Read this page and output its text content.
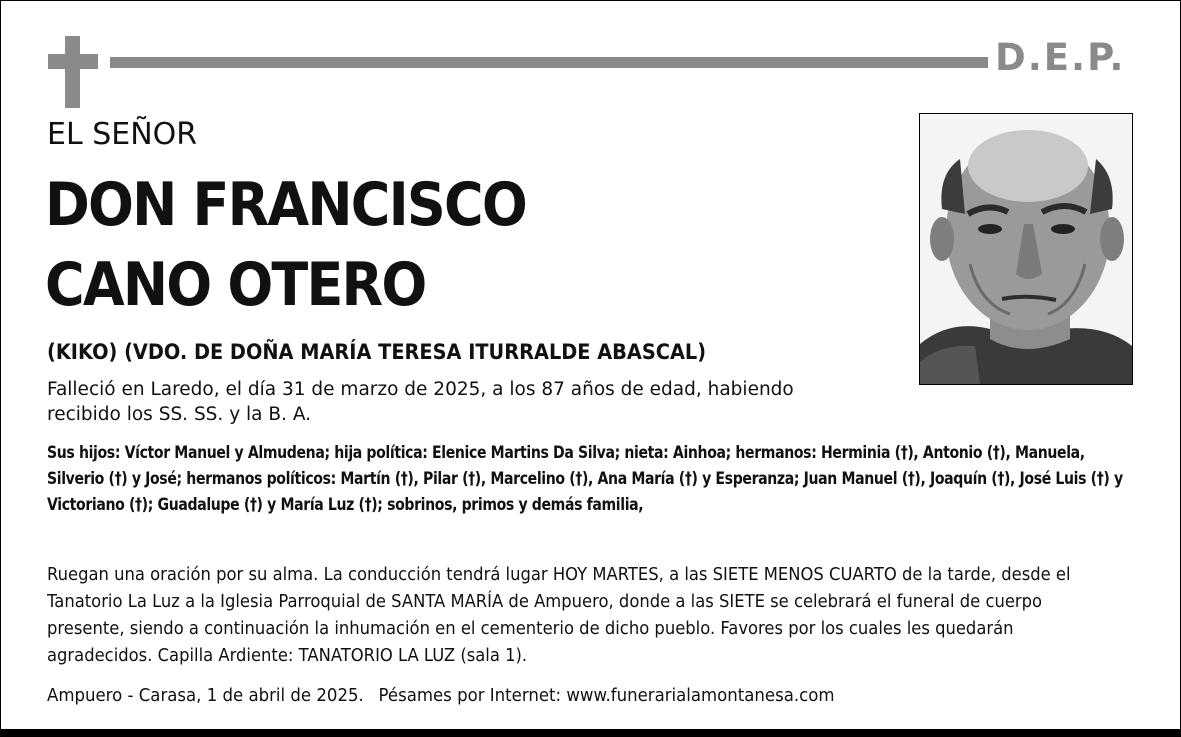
D.E.P.
EL SEÑOR
DON FRANCISCO
CANO OTERO
(KIKO) (VDO. DE DOÑA MARÍA TERESA ITURRALDE ABASCAL)
Falleció en Laredo, el día 31 de marzo de 2025, a los 87 años de edad, habiendo recibido los SS. SS. y la B. A.
Sus hijos: Víctor Manuel y Almudena; hija política: Elenice Martins Da Silva; nieta: Ainhoa; hermanos: Herminia (†), Antonio (†), Manuela, Silverio (†) y José; hermanos políticos: Martín (†), Pilar (†), Marcelino (†), Ana María (†) y Esperanza; Juan Manuel (†), Joaquín (†), José Luis (†) y Victoriano (†); Guadalupe (†) y María Luz (†); sobrinos, primos y demás familia,
Ruegan una oración por su alma. La conducción tendrá lugar HOY MARTES, a las SIETE MENOS CUARTO de la tarde, desde el Tanatorio La Luz a la Iglesia Parroquial de SANTA MARÍA de Ampuero, donde a las SIETE se celebrará el funeral de cuerpo presente, siendo a continuación la inhumación en el cementerio de dicho pueblo. Favores por los cuales les quedarán agradecidos. Capilla Ardiente: TANATORIO LA LUZ (sala 1).
Ampuero - Carasa, 1 de abril de 2025. Pésames por Internet: www.funerarialamontanesa.com
